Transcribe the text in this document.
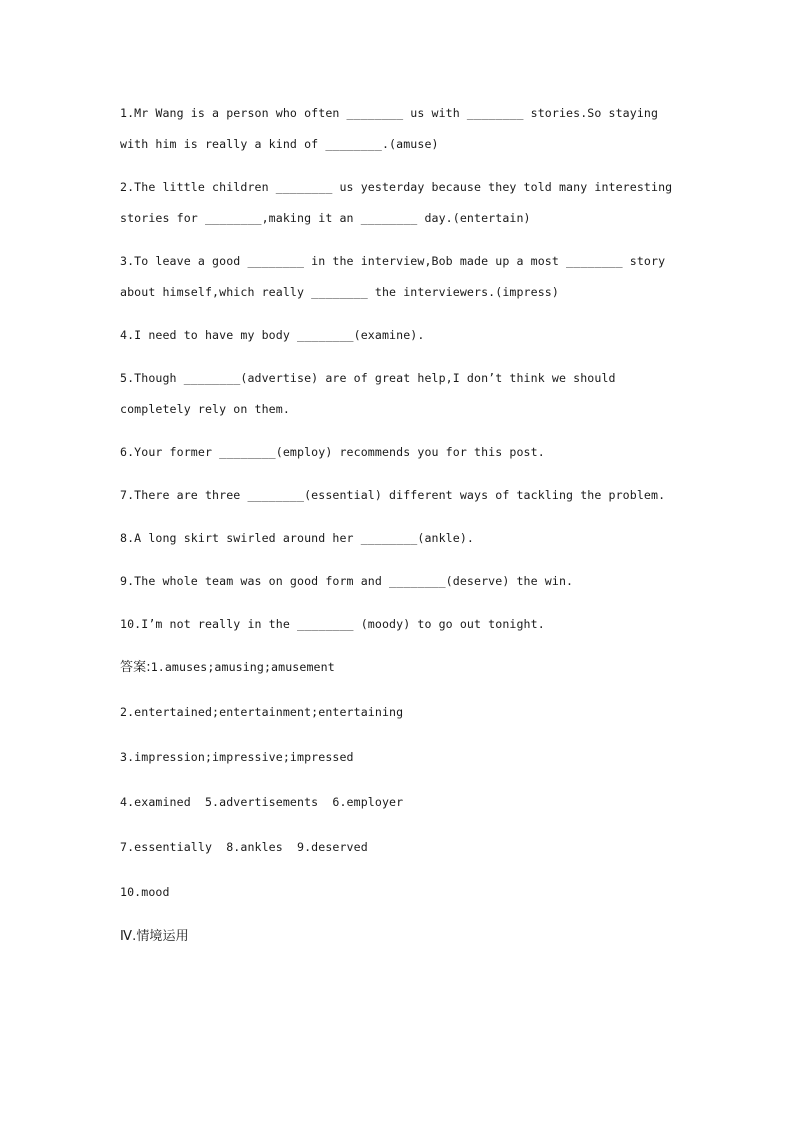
1.Mr Wang is a person who often ________ us with ________ stories.So staying
with him is really a kind of ________.(amuse)
2.The little children ________ us yesterday because they told many interesting
stories for ________,making it an ________ day.(entertain)
3.To leave a good ________ in the interview,Bob made up a most ________ story
about himself,which really ________ the interviewers.(impress)
4.I need to have my body ________(examine).
5.Though ________(advertise) are of great help,I don’t think we should
completely rely on them.
6.Your former ________(employ) recommends you for this post.
7.There are three ________(essential) different ways of tackling the problem.
8.A long skirt swirled around her ________(ankle).
9.The whole team was on good form and ________(deserve) the win.
10.I’m not really in the ________ (moody) to go out tonight.
答案:1.amuses;amusing;amusement
2.entertained;entertainment;entertaining
3.impression;impressive;impressed
4.examined  5.advertisements  6.employer
7.essentially  8.ankles  9.deserved
10.mood
Ⅳ.情境运用
